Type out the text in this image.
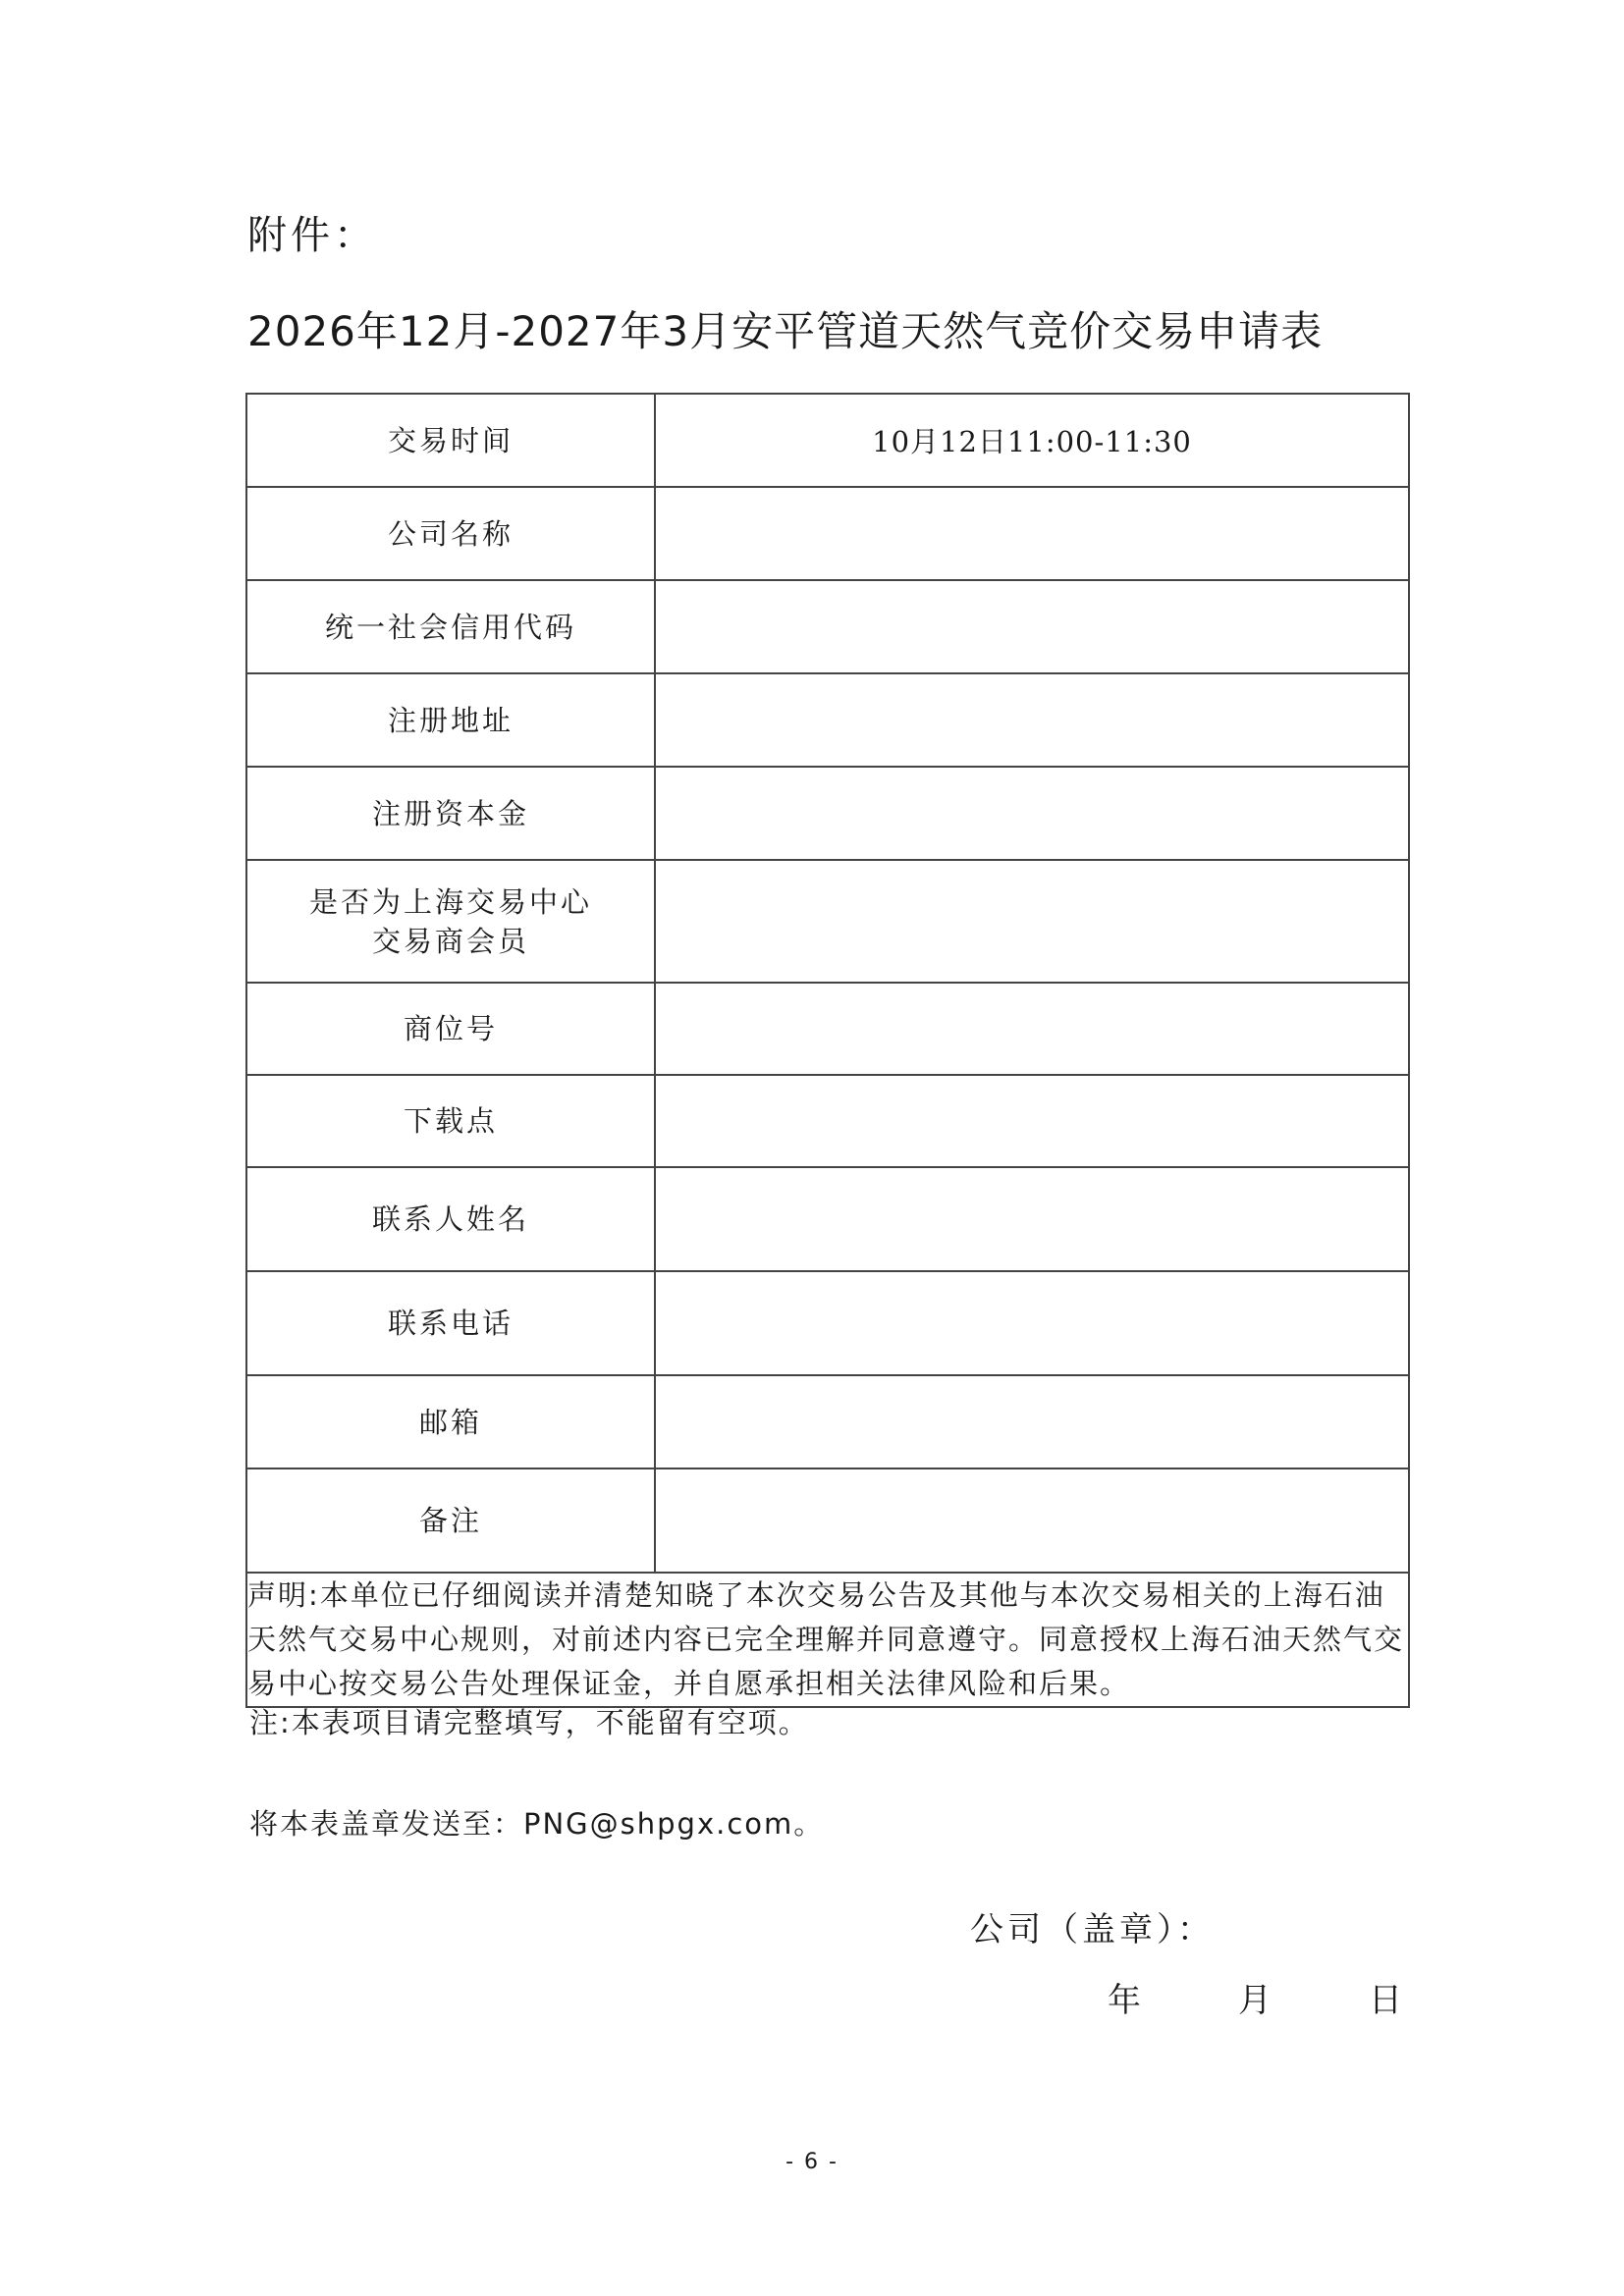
附件：
2026年12月-2027年3月安平管道天然气竞价交易申请表
交易时间	10月12日11:00-11:30
公司名称	
统一社会信用代码	
注册地址	
注册资本金	

是否为上海交易中心
交易商会员	

商位号	
下载点	
联系人姓名	
联系电话	
邮箱	
备注	
声明:本单位已仔细阅读并清楚知晓了本次交易公告及其他与本次交易相关的上海石油天然气交易中心规则，对前述内容已完全理解并同意遵守。同意授权上海石油天然气交易中心按交易公告处理保证金，并自愿承担相关法律风险和后果。	

注:本表项目请完整填写，不能留有空项。

将本表盖章发送至：PNG@shpgx.com。

公司（盖章）：

年	月	日
- 6 -
